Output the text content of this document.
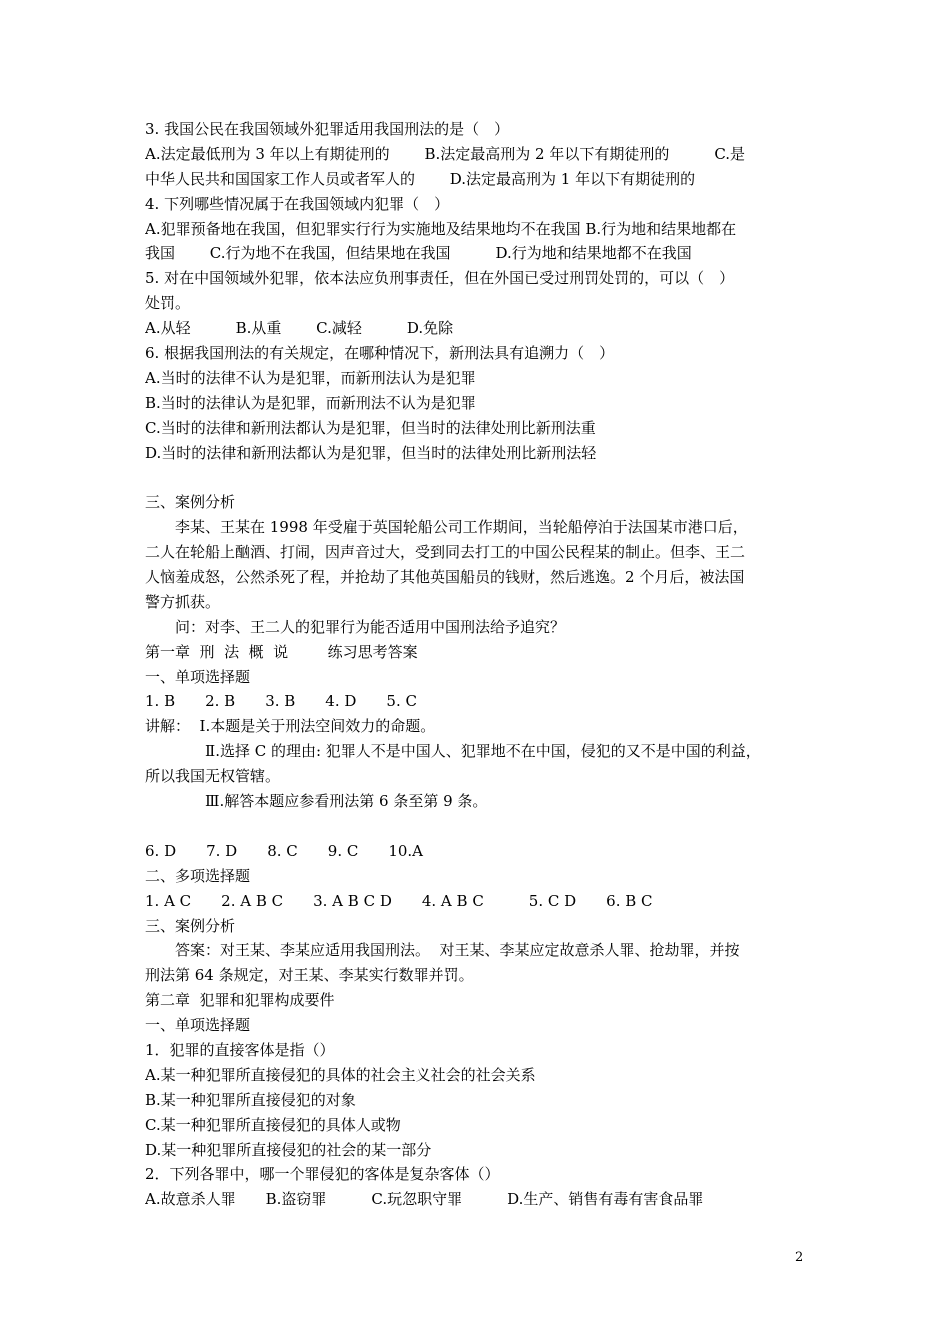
3. 我国公民在我国领域外犯罪适用我国刑法的是（　）
A.法定最低刑为 3 年以上有期徒刑的　　 B.法定最高刑为 2 年以下有期徒刑的　　　C.是
中华人民共和国国家工作人员或者军人的　　 D.法定最高刑为 1 年以下有期徒刑的
4. 下列哪些情况属于在我国领域内犯罪（　）
A.犯罪预备地在我国，但犯罪实行行为实施地及结果地均不在我国 B.行为地和结果地都在
我国　　 C.行为地不在我国，但结果地在我国　　　D.行为地和结果地都不在我国
5. 对在中国领域外犯罪，依本法应负刑事责任，但在外国已受过刑罚处罚的，可以（　）
处罚。
A.从轻　　　B.从重　　 C.减轻　　　D.免除
6. 根据我国刑法的有关规定，在哪种情况下，新刑法具有追溯力（　）
A.当时的法律不认为是犯罪，而新刑法认为是犯罪
B.当时的法律认为是犯罪，而新刑法不认为是犯罪
C.当时的法律和新刑法都认为是犯罪，但当时的法律处刑比新刑法重
D.当时的法律和新刑法都认为是犯罪，但当时的法律处刑比新刑法轻
三、案例分析
　　李某、王某在 1998 年受雇于英国轮船公司工作期间，当轮船停泊于法国某市港口后，
二人在轮船上酗酒、打闹，因声音过大，受到同去打工的中国公民程某的制止。但李、王二
人恼羞成怒，公然杀死了程，并抢劫了其他英国船员的钱财，然后逃逸。2 个月后，被法国
警方抓获。
　　问：对李、王二人的犯罪行为能否适用中国刑法给予追究？
第一章  刑  法  概  说　　  练习思考答案
一、单项选择题
1. B　　2. B　　3. B　　4. D　　5. C
讲解：  Ⅰ.本题是关于刑法空间效力的命题。
　　　　Ⅱ.选择 C 的理由: 犯罪人不是中国人、犯罪地不在中国，侵犯的又不是中国的利益，
所以我国无权管辖。
　　　　Ⅲ.解答本题应参看刑法第 6 条至第 9 条。
6. D　　7. D　　8. C　　9. C　　10.A
二、多项选择题
1. A C　　2. A B C　　3. A B C D　　4. A B C　　　5. C D　　6. B C
三、案例分析
　　答案：对王某、李某应适用我国刑法。  对王某、李某应定故意杀人罪、抢劫罪，并按
刑法第 64 条规定，对王某、李某实行数罪并罚。
第二章  犯罪和犯罪构成要件
一、单项选择题
1．犯罪的直接客体是指（）
A.某一种犯罪所直接侵犯的具体的社会主义社会的社会关系
B.某一种犯罪所直接侵犯的对象
C.某一种犯罪所直接侵犯的具体人或物
D.某一种犯罪所直接侵犯的社会的某一部分
2．下列各罪中，哪一个罪侵犯的客体是复杂客体（）
A.故意杀人罪　　B.盗窃罪　　　C.玩忽职守罪　　　D.生产、销售有毒有害食品罪
2
